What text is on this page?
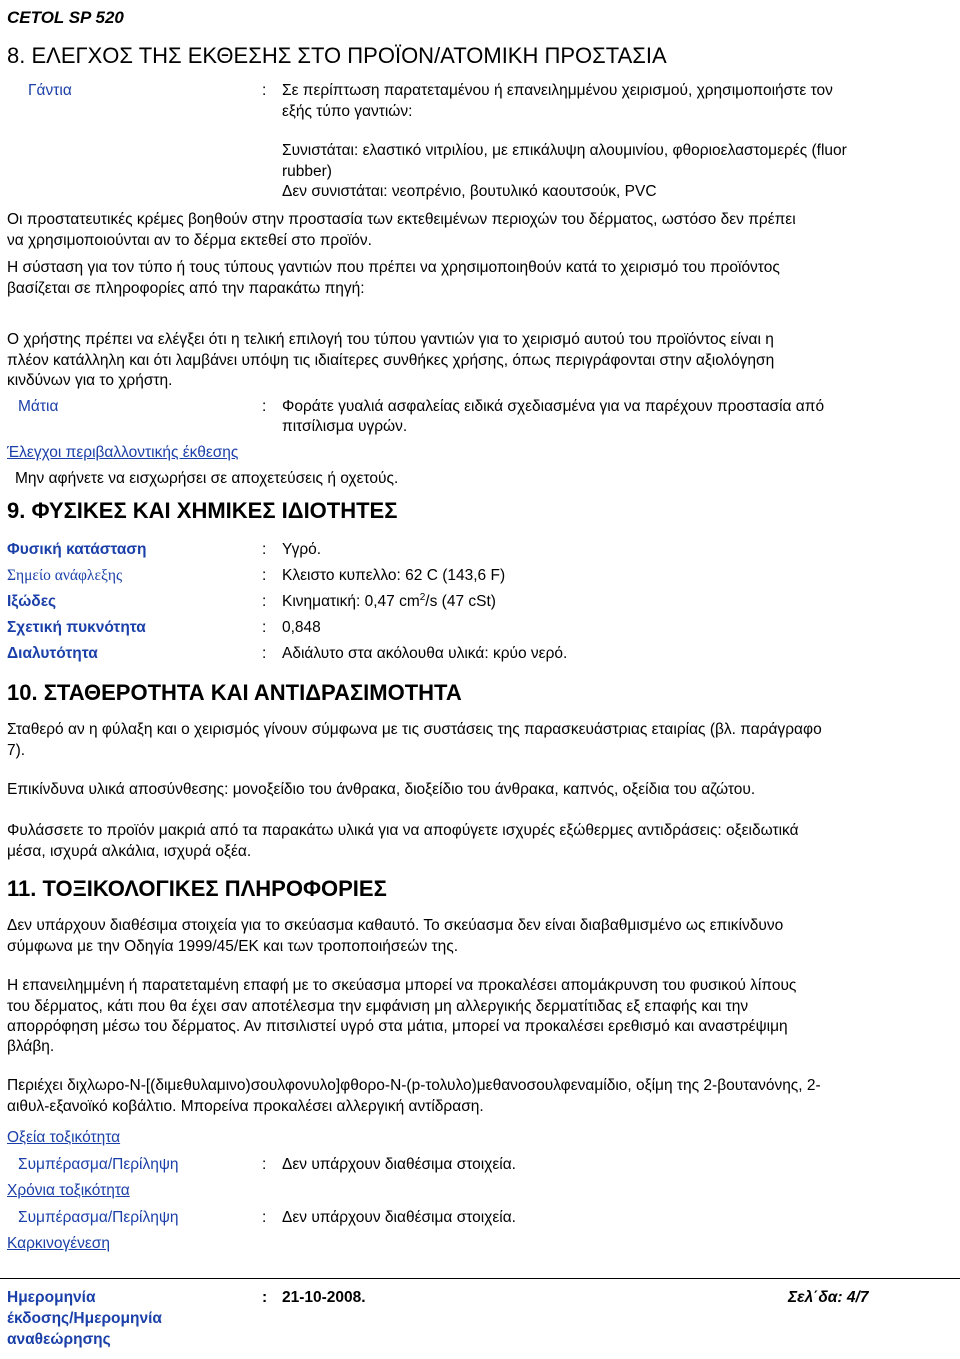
CETOL SP 520
8. ΕΛΕΓΧΟΣ ΤΗΣ ΕΚΘΕΣΗΣ ΣΤΟ ΠΡΟΪΟΝ/ΑΤΟΜΙΚΗ ΠΡΟΣΤΑΣΙΑ
Γάντια	: Σε περίπτωση παρατεταμένου ή επανειλημμένου χειρισμού, χρησιμοποιήστε τον
εξής τύπο γαντιών:
Συνιστάται: ελαστικό νιτριλίου, με επικάλυψη αλουμινίου, φθοριοελαστομερές (fluor
rubber)
Δεν συνιστάται: νεοπρένιο, βουτυλικό καουτσούκ, PVC
Οι προστατευτικές κρέμες βοηθούν στην προστασία των εκτεθειμένων περιοχών του δέρματος, ωστόσο δεν πρέπει
να χρησιμοποιούνται αν το δέρμα εκτεθεί στο προϊόν.
Η σύσταση για τον τύπο ή τους τύπους γαντιών που πρέπει να χρησιμοποιηθούν κατά το χειρισμό του προϊόντος
βασίζεται σε πληροφορίες από την παρακάτω πηγή:
Ο χρήστης πρέπει να ελέγξει ότι η τελική επιλογή του τύπου γαντιών για το χειρισμό αυτού του προϊόντος είναι η
πλέον κατάλληλη και ότι λαμβάνει υπόψη τις ιδιαίτερες συνθήκες χρήσης, όπως περιγράφονται στην αξιολόγηση
κινδύνων για το χρήστη.
Μάτια	: Φοράτε γυαλιά ασφαλείας ειδικά σχεδιασμένα για να παρέχουν προστασία από
πιτσίλισμα υγρών.
Έλεγχοι περιβαλλοντικής έκθεσης
Μην αφήνετε να εισχωρήσει σε αποχετεύσεις ή οχετούς.
9. ΦΥΣΙΚΕΣ ΚΑΙ ΧΗΜΙΚΕΣ ΙΔΙΟΤΗΤΕΣ
Φυσική κατάσταση	: Υγρό.
Σημείο ανάφλεξης	: Κλειστο κυπελλο: 62 C (143,6 F)
Ιξώδες	: Κινηματική: 0,47 $cm^2/s$ (47 cSt)
Σχετική πυκνότητα	: 0,848
Διαλυτότητα	: Αδιάλυτο στα ακόλουθα υλικά: κρύο νερό.
10. ΣΤΑΘΕΡΟΤΗΤΑ ΚΑΙ ΑΝΤΙΔΡΑΣΙΜΟΤΗΤΑ
Σταθερό αν η φύλαξη και ο χειρισμός γίνουν σύμφωνα με τις συστάσεις της παρασκευάστριας εταιρίας (βλ. παράγραφο
7).
Επικίνδυνα υλικά αποσύνθεσης: μονοξείδιο του άνθρακα, διοξείδιο του άνθρακα, καπνός, οξείδια του αζώτου.
Φυλάσσετε το προϊόν μακριά από τα παρακάτω υλικά για να αποφύγετε ισχυρές εξώθερμες αντιδράσεις: οξειδωτικά
μέσα, ισχυρά αλκάλια, ισχυρά οξέα.
11. ΤΟΞΙΚΟΛΟΓΙΚΕΣ ΠΛΗΡΟΦΟΡΙΕΣ
Δεν υπάρχουν διαθέσιμα στοιχεία για το σκεύασμα καθαυτό. Το σκεύασμα δεν είναι διαβαθμισμένο ως επικίνδυνο
σύμφωνα με την Οδηγία 1999/45/ΕΚ και των τροποποιήσεών της.
Η επανειλημμένη ή παρατεταμένη επαφή με το σκεύασμα μπορεί να προκαλέσει απομάκρυνση του φυσικού λίπους
του δέρματος, κάτι που θα έχει σαν αποτέλεσμα την εμφάνιση μη αλλεργικής δερματίτιδας εξ επαφής και την
απορρόφηση μέσω του δέρματος. Αν πιτσιλιστεί υγρό στα μάτια, μπορεί να προκαλέσει ερεθισμό και αναστρέψιμη
βλάβη.
Περιέχει διχλωρο-N-[(διμεθυλαμινο)σουλφονυλο]φθορο-N-(p-τολυλο)μεθανοσουλφεναμίδιο, οξίμη της 2-βουτανόνης, 2-
αιθυλ-εξανοϊκό κοβάλτιο. Μπορείνα προκαλέσει αλλεργική αντίδραση.
Οξεία τοξικότητα
Συμπέρασμα/Περίληψη	: Δεν υπάρχουν διαθέσιμα στοιχεία.
Χρόνια τοξικότητα
Συμπέρασμα/Περίληψη	: Δεν υπάρχουν διαθέσιμα στοιχεία.
Καρκινογένεση
Ημερομηνία
έκδοσης/Ημερομηνία
αναθεώρησης
: 21-10-2008.	Σελ΄δα: 4/7
